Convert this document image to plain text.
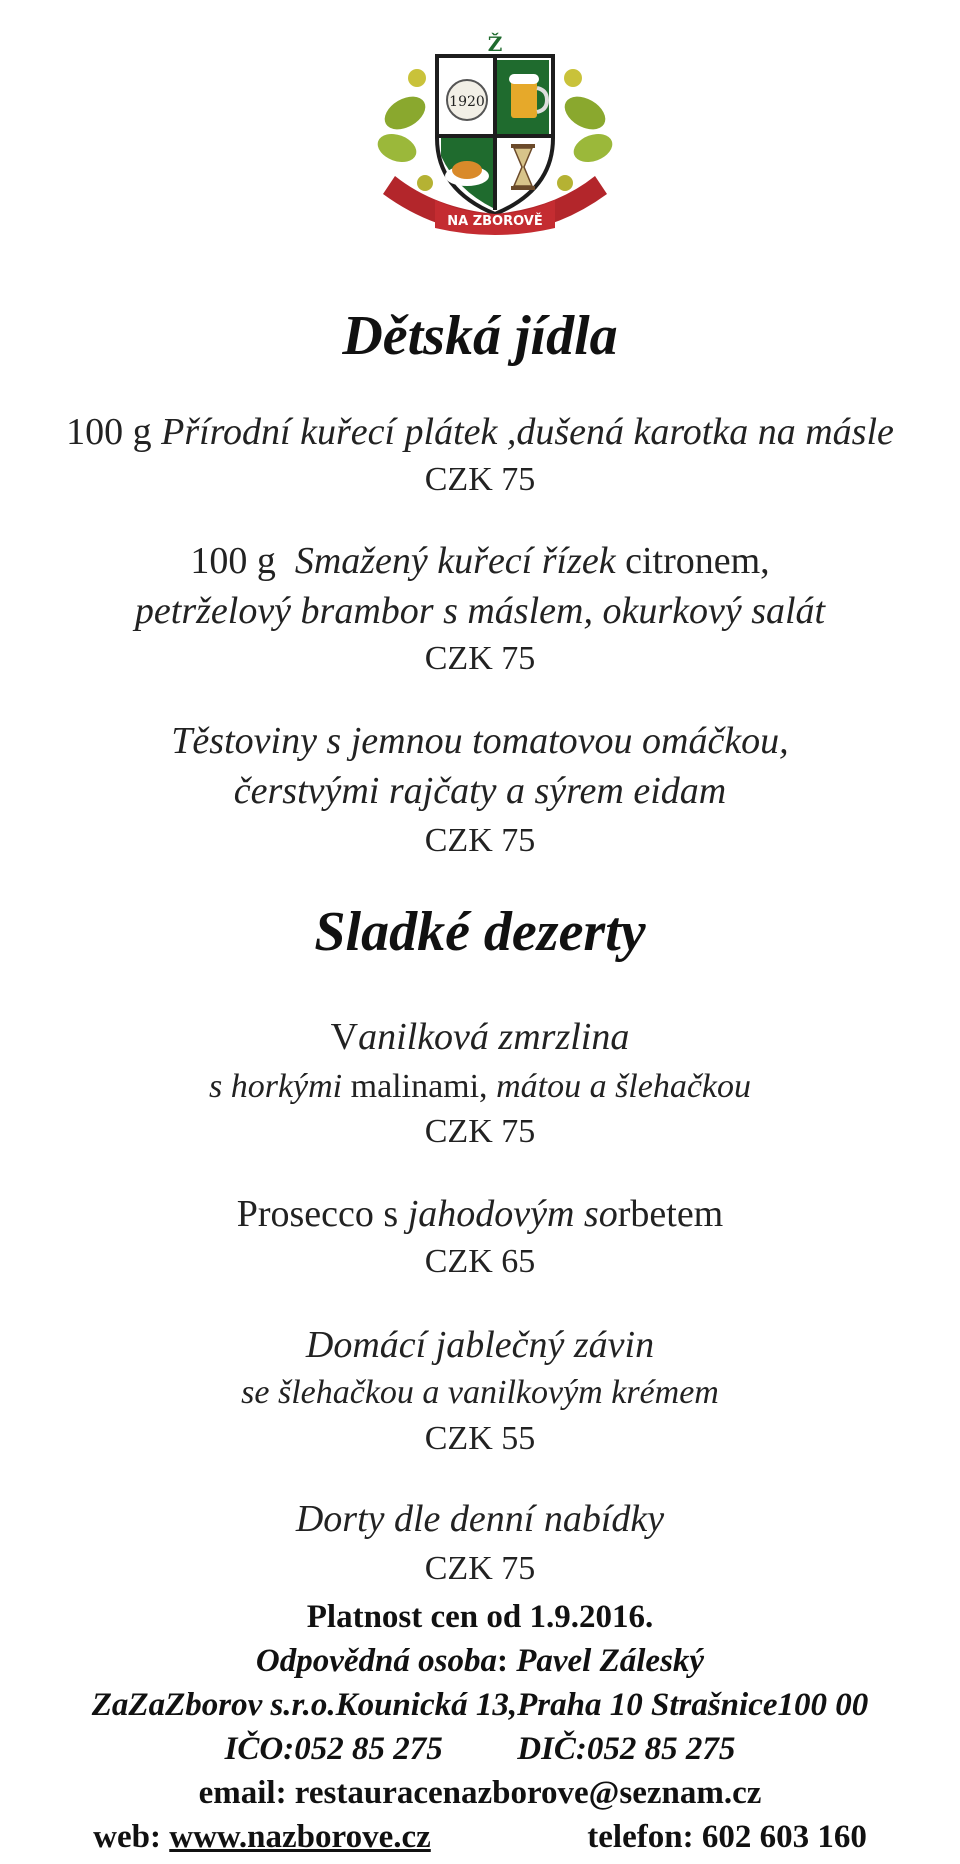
Ž
1920
NA ZBOROVĚ
Dětská jídla
100 g Přírodní kuřecí plátek ,dušená karotka na másle
CZK 75
100 g Smažený kuřecí řízek citronem,
petrželový brambor s máslem, okurkový salát
CZK 75
Těstoviny s jemnou tomatovou omáčkou,
čerstvými rajčaty a sýrem eidam
CZK 75
Sladké dezerty
Vanilková zmrzlina
s horkými malinami, mátou a šlehačkou
CZK 75
Prosecco s jahodovým sorbetem
CZK 65
Domácí jablečný závin
se šlehačkou a vanilkovým krémem
CZK 55
Dorty dle denní nabídky
CZK 75
Platnost cen od 1.9.2016.
Odpovědná osoba: Pavel Záleský
ZaZaZborov s.r.o.Kounická 13,Praha 10 Strašnice100 00
IČO:052 85 275 DIČ:052 85 275
email: restauracenazborove@seznam.cz
web: www.nazborove.cz	telefon: 602 603 160
